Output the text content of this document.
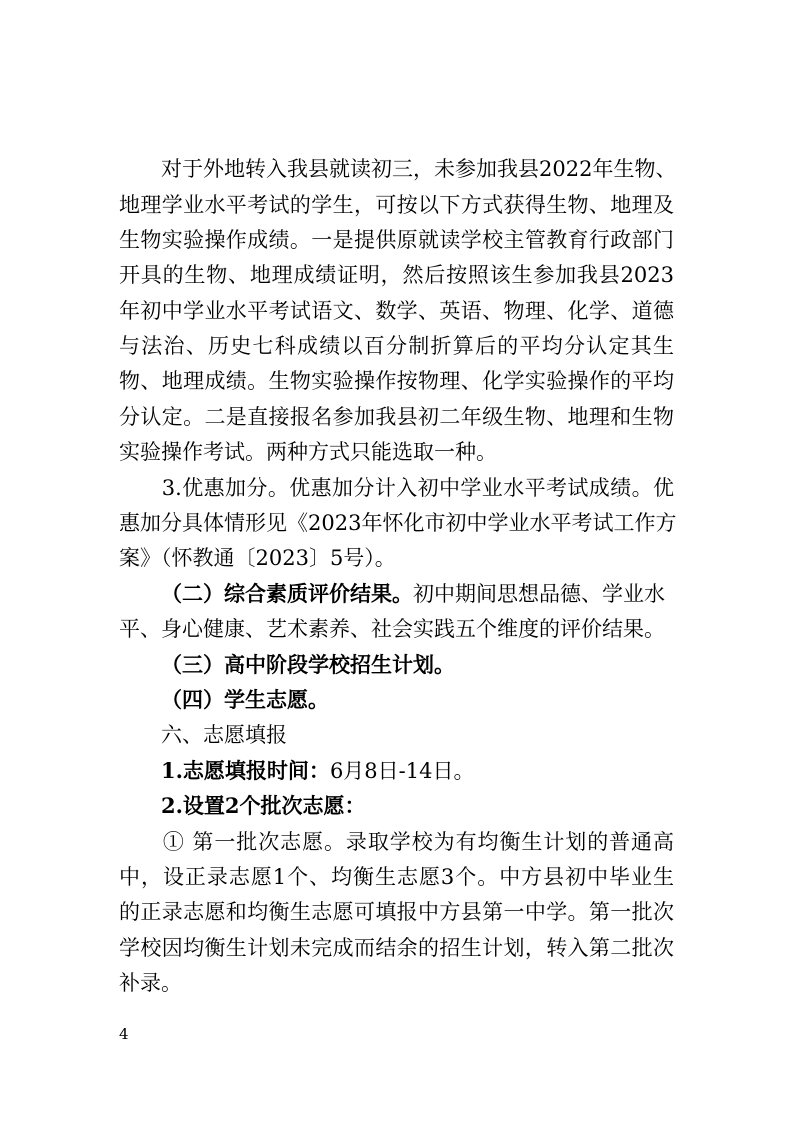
　　对于外地转入我县就读初三，未参加我县2022年生物、
地理学业水平考试的学生，可按以下方式获得生物、地理及
生物实验操作成绩。一是提供原就读学校主管教育行政部门
开具的生物、地理成绩证明，然后按照该生参加我县2023
年初中学业水平考试语文、数学、英语、物理、化学、道德
与法治、历史七科成绩以百分制折算后的平均分认定其生
物、地理成绩。生物实验操作按物理、化学实验操作的平均
分认定。二是直接报名参加我县初二年级生物、地理和生物
实验操作考试。两种方式只能选取一种。
　　3.优惠加分。优惠加分计入初中学业水平考试成绩。优
惠加分具体情形见《2023年怀化市初中学业水平考试工作方
案》（怀教通〔2023〕5号）。
（二）综合素质评价结果。初中期间思想品德、学业水
平、身心健康、艺术素养、社会实践五个维度的评价结果。
（三）高中阶段学校招生计划。
（四）学生志愿。
六、志愿填报
1.志愿填报时间：6月8日-14日。
2.设置2个批次志愿：
　　① 第一批次志愿。录取学校为有均衡生计划的普通高
中，设正录志愿1个、均衡生志愿3个。中方县初中毕业生
的正录志愿和均衡生志愿可填报中方县第一中学。第一批次
学校因均衡生计划未完成而结余的招生计划，转入第二批次
补录。
4
